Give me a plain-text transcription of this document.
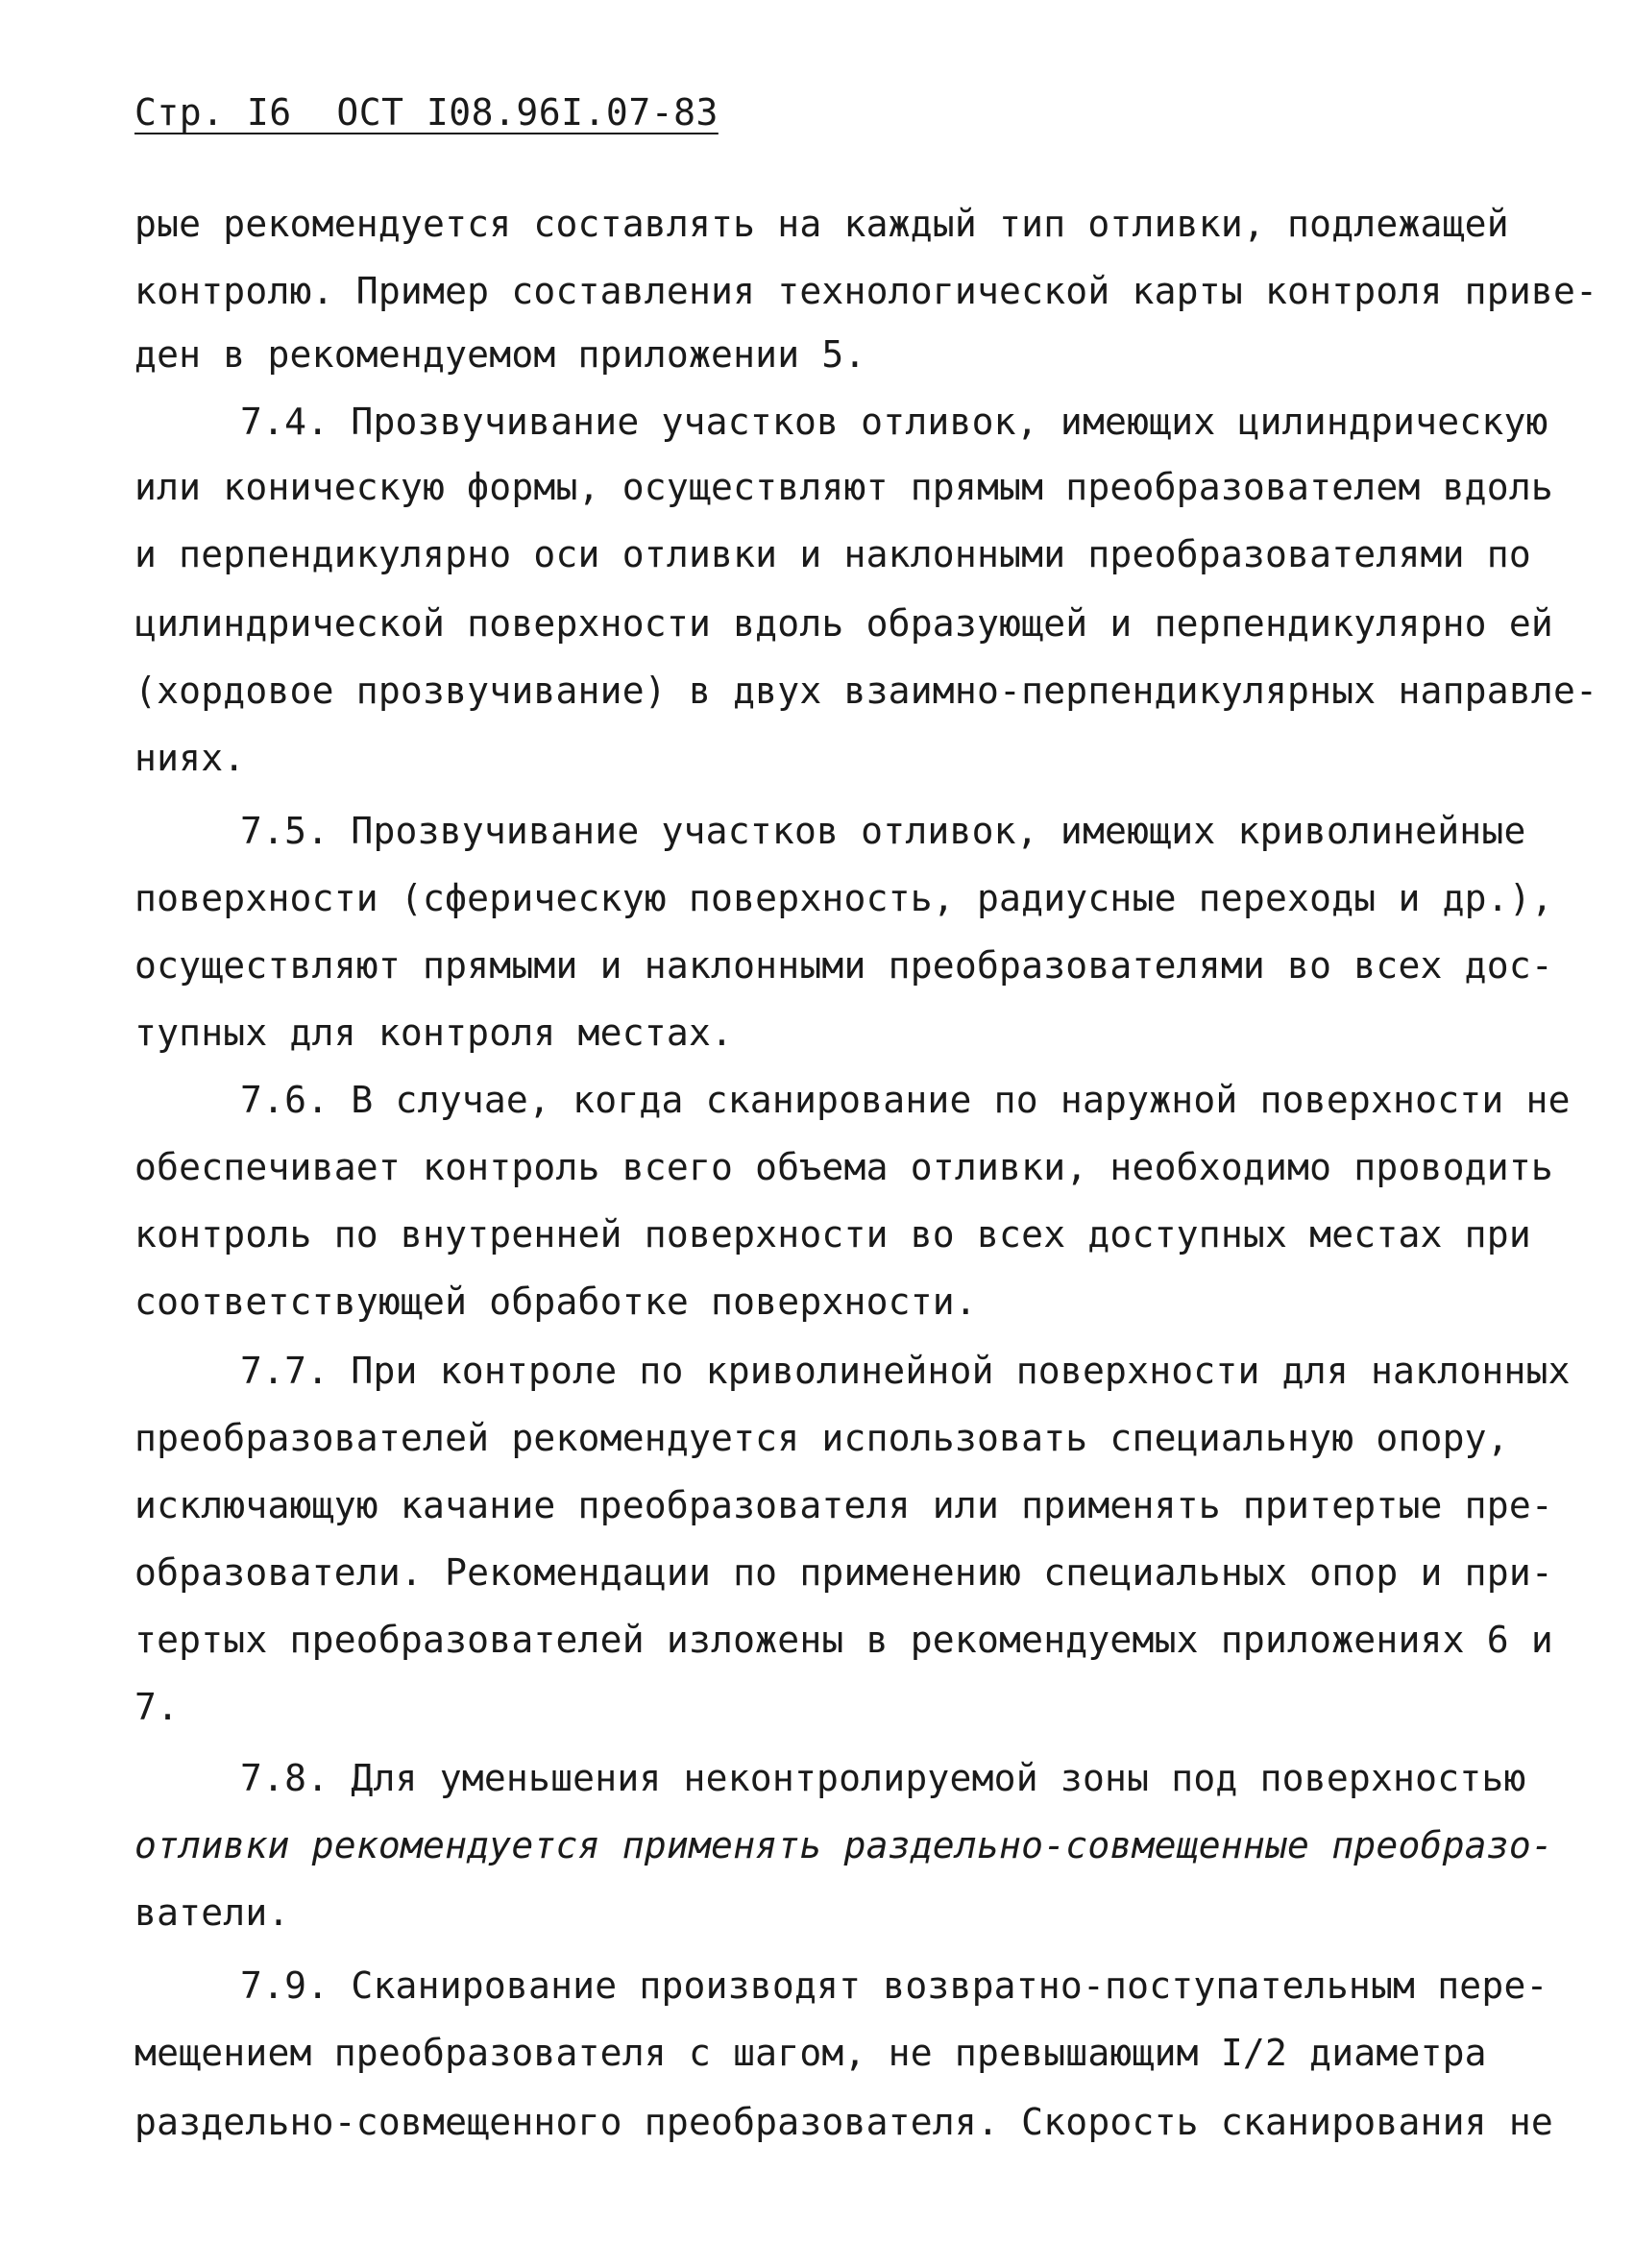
Стр. I6  ОСТ I08.96I.07-83
рые рекомендуется составлять на каждый тип отливки, подлежащей
контролю. Пример составления технологической карты контроля приве-
ден в рекомендуемом приложении 5.
7.4. Прозвучивание участков отливок, имеющих цилиндрическую
или коническую формы, осуществляют прямым преобразователем вдоль
и перпендикулярно оси отливки и наклонными преобразователями по
цилиндрической поверхности вдоль образующей и перпендикулярно ей
(хордовое прозвучивание) в двух взаимно-перпендикулярных направле-
ниях.
7.5. Прозвучивание участков отливок, имеющих криволинейные
поверхности (сферическую поверхность, радиусные переходы и др.),
осуществляют прямыми и наклонными преобразователями во всех дос-
тупных для контроля местах.
7.6. В случае, когда сканирование по наружной поверхности не
обеспечивает контроль всего объема отливки, необходимо проводить
контроль по внутренней поверхности во всех доступных местах при
соответствующей обработке поверхности.
7.7. При контроле по криволинейной поверхности для наклонных
преобразователей рекомендуется использовать специальную опору,
исключающую качание преобразователя или применять притертые пре-
образователи. Рекомендации по применению специальных опор и при-
тертых преобразователей изложены в рекомендуемых приложениях 6 и
7.
7.8. Для уменьшения неконтролируемой зоны под поверхностью
отливки рекомендуется применять раздельно-совмещенные преобразо-
ватели.
7.9. Сканирование производят возвратно-поступательным пере-
мещением преобразователя с шагом, не превышающим I/2 диаметра
раздельно-совмещенного преобразователя. Скорость сканирования не
